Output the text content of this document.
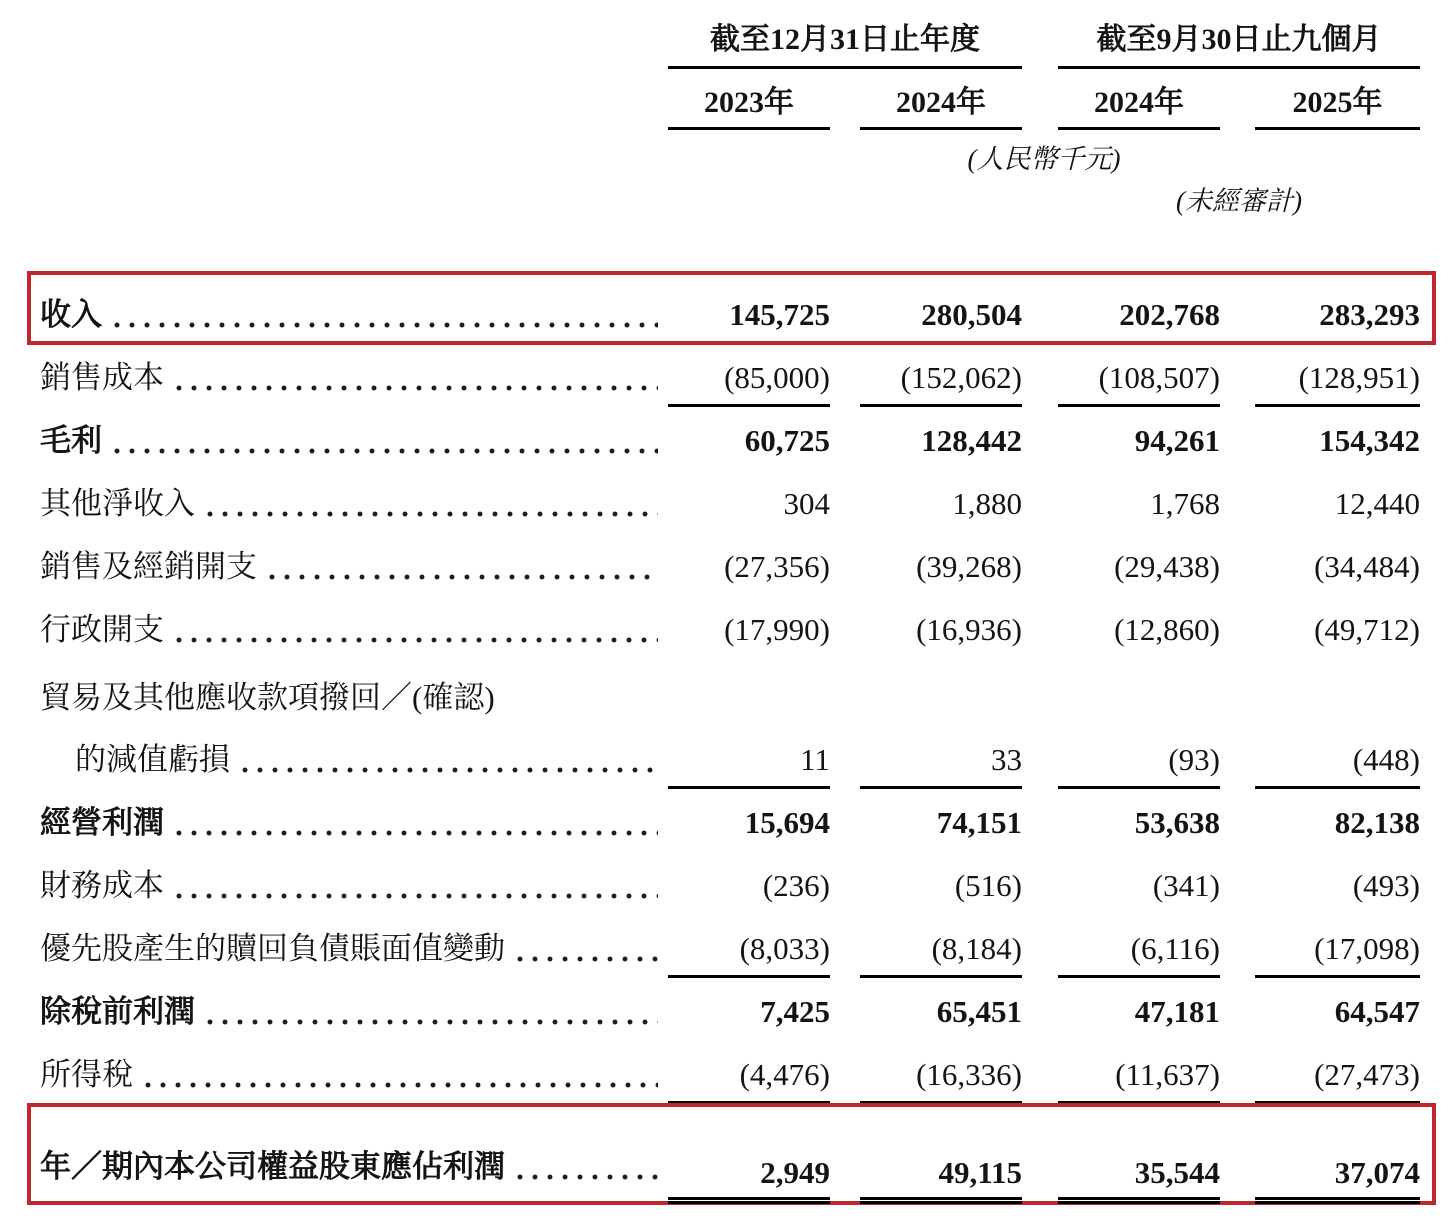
截至12月31日止年度	截至9月30日止九個月
2023年	2024年	2024年	2025年
(人民幣千元)
(未經審計)
收入	145,725	280,504	202,768	283,293
銷售成本	(85,000)	(152,062)	(108,507)	(128,951)
毛利	60,725	128,442	94,261	154,342
其他淨收入	304	1,880	1,768	12,440
銷售及經銷開支	(27,356)	(39,268)	(29,438)	(34,484)
行政開支	(17,990)	(16,936)	(12,860)	(49,712)
貿易及其他應收款項撥回／(確認)
的減值虧損	11	33	(93)	(448)
經營利潤	15,694	74,151	53,638	82,138
財務成本	(236)	(516)	(341)	(493)
優先股產生的贖回負債賬面值變動	(8,033)	(8,184)	(6,116)	(17,098)
除稅前利潤	7,425	65,451	47,181	64,547
所得稅	(4,476)	(16,336)	(11,637)	(27,473)
年／期內本公司權益股東應佔利潤	2,949	49,115	35,544	37,074
